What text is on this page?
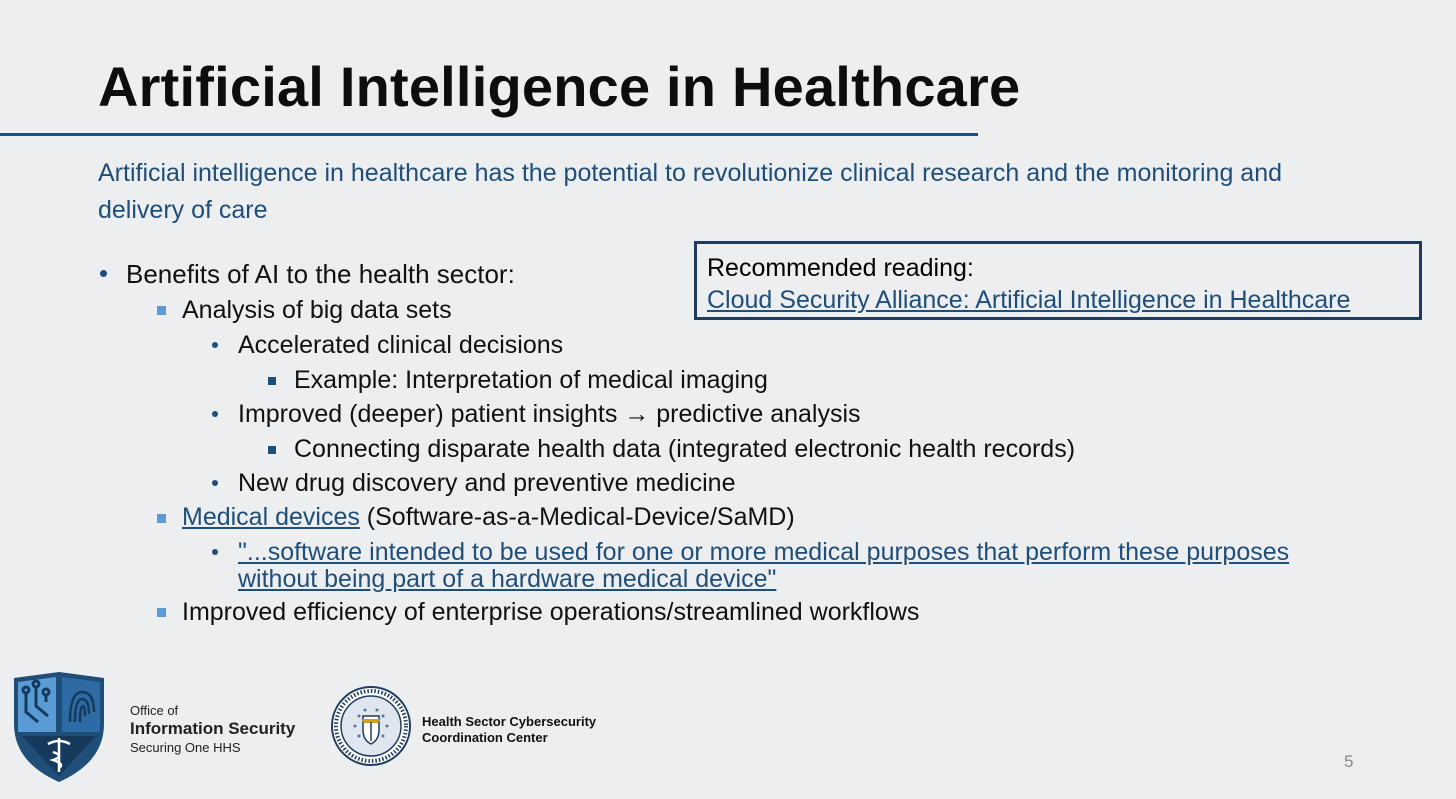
Artificial Intelligence in Healthcare
Artificial intelligence in healthcare has the potential to revolutionize clinical research and the monitoring and delivery of care
Recommended reading:
Cloud Security Alliance: Artificial Intelligence in Healthcare
Benefits of AI to the health sector:
Analysis of big data sets
Accelerated clinical decisions
Example: Interpretation of medical imaging
Improved (deeper) patient insights → predictive analysis
Connecting disparate health data (integrated electronic health records)
New drug discovery and preventive medicine
Medical devices (Software-as-a-Medical-Device/SaMD)
"...software intended to be used for one or more medical purposes that perform these purposes
without being part of a hardware medical device"
Improved efficiency of enterprise operations/streamlined workflows
Office of
Information Security
Securing One HHS
Health Sector Cybersecurity
Coordination Center
5
